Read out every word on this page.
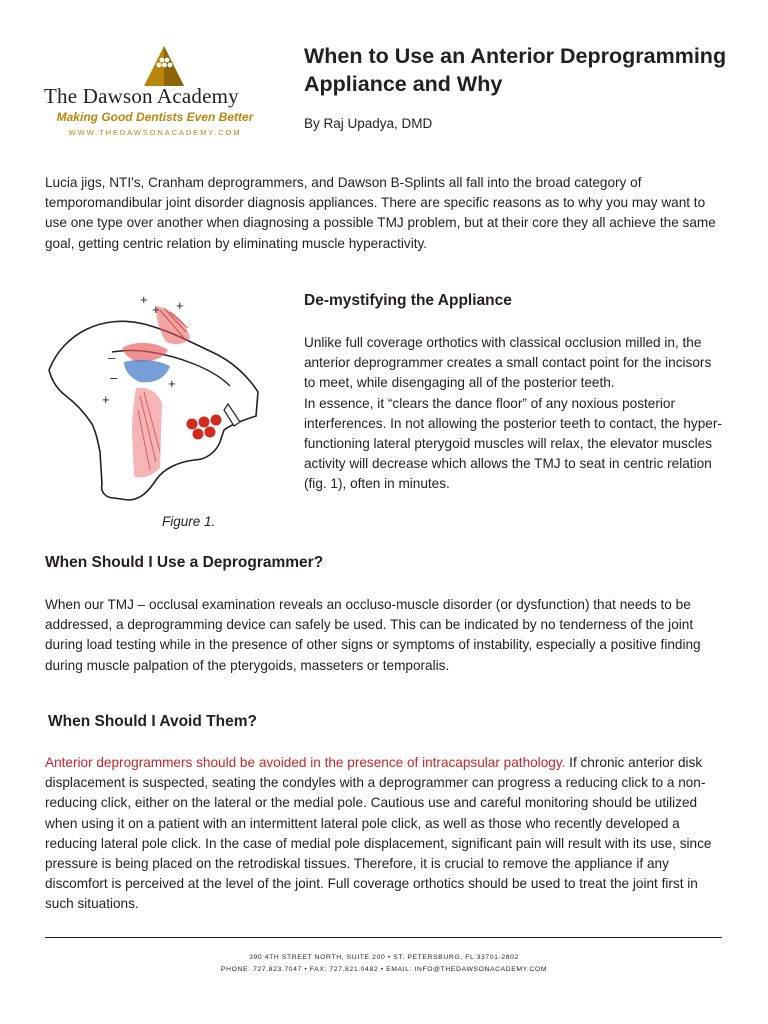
The Dawson Academy
Making Good Dentists Even Better
WWW.THEDAWSONACADEMY.COM
When to Use an Anterior Deprogramming Appliance and Why
By Raj Upadya, DMD

Lucia jigs, NTI's, Cranham deprogrammers, and Dawson B-Splints all fall into the broad category of temporomandibular joint disorder diagnosis appliances. There are specific reasons as to why you may want to use one type over another when diagnosing a possible TMJ problem, but at their core they all achieve the same goal, getting centric relation by eliminating muscle hyperactivity.

+ +
+
–
–
+
+
Figure 1.
De-mystifying the Appliance
Unlike full coverage orthotics with classical occlusion milled in, the anterior deprogrammer creates a small contact point for the incisors to meet, while disengaging all of the posterior teeth.
In essence, it “clears the dance floor” of any noxious posterior interferences. In not allowing the posterior teeth to contact, the hyper-functioning lateral pterygoid muscles will relax, the elevator muscles activity will decrease which allows the TMJ to seat in centric relation (fig. 1), often in minutes.
When Should I Use a Deprogrammer?

When our TMJ – occlusal examination reveals an occluso-muscle disorder (or dysfunction) that needs to be addressed, a deprogramming device can safely be used. This can be indicated by no tenderness of the joint during load testing while in the presence of other signs or symptoms of instability, especially a positive finding during muscle palpation of the pterygoids, masseters or temporalis.

When Should I Avoid Them?

Anterior deprogrammers should be avoided in the presence of intracapsular pathology. If chronic anterior disk displacement is suspected, seating the condyles with a deprogrammer can progress a reducing click to a non-reducing click, either on the lateral or the medial pole. Cautious use and careful monitoring should be utilized when using it on a patient with an intermittent lateral pole click, as well as those who recently developed a reducing lateral pole click. In the case of medial pole displacement, significant pain will result with its use, since pressure is being placed on the retrodiskal tissues. Therefore, it is crucial to remove the appliance if any discomfort is perceived at the level of the joint. Full coverage orthotics should be used to treat the joint first in such situations.

390 4TH STREET NORTH, SUITE 200 • ST. PETERSBURG, FL 33701-2802
PHONE: 727.823.7047 • FAX: 727.821.0482 • EMAIL: INFO@THEDAWSONACADEMY.COM
